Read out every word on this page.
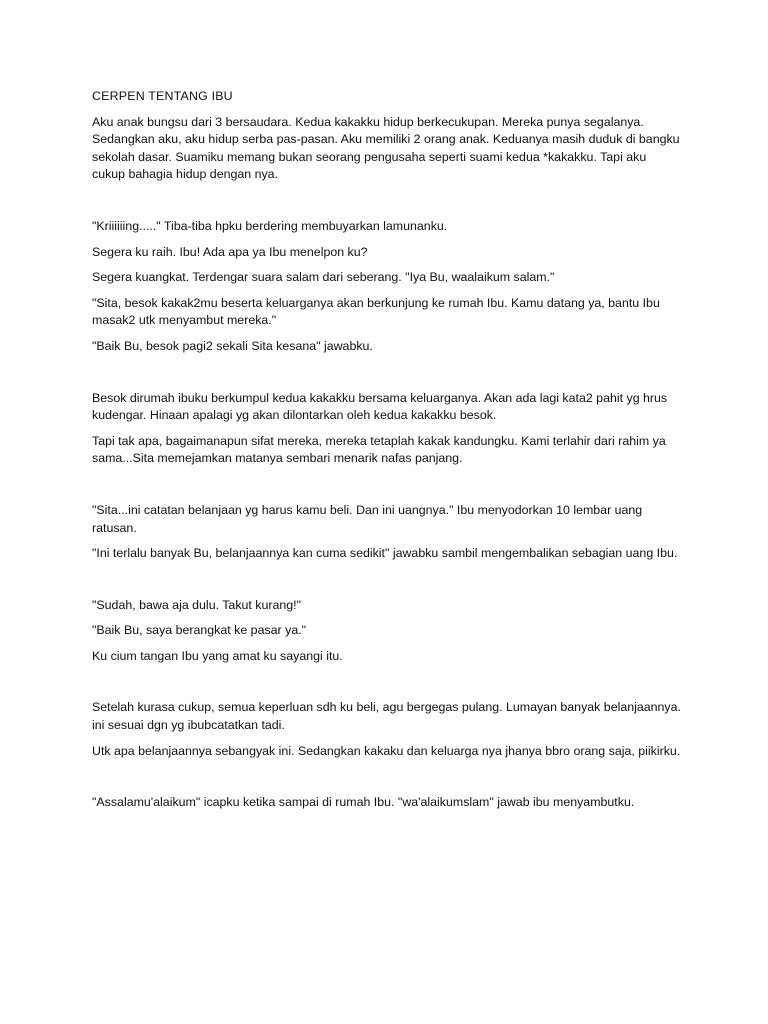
CERPEN TENTANG IBU

Aku anak bungsu dari 3 bersaudara. Kedua kakakku hidup berkecukupan. Mereka punya segalanya. Sedangkan aku, aku hidup serba pas-pasan. Aku memiliki 2 orang anak. Keduanya masih duduk di bangku sekolah dasar. Suamiku memang bukan seorang pengusaha seperti suami kedua *kakakku. Tapi aku cukup bahagia hidup dengan nya.

"Kriiiiiing....." Tiba-tiba hpku berdering membuyarkan lamunanku.

Segera ku raih. Ibu! Ada apa ya Ibu menelpon ku?

Segera kuangkat. Terdengar suara salam dari seberang. "Iya Bu, waalaikum salam."

"Sita, besok kakak2mu beserta keluarganya akan berkunjung ke rumah Ibu. Kamu datang ya, bantu Ibu masak2 utk menyambut mereka."

"Baik Bu, besok pagi2 sekali Sita kesana" jawabku.

Besok dirumah ibuku berkumpul kedua kakakku bersama keluarganya. Akan ada lagi kata2 pahit yg hrus kudengar. Hinaan apalagi yg akan dilontarkan oleh kedua kakakku besok.

Tapi tak apa, bagaimanapun sifat mereka, mereka tetaplah kakak kandungku. Kami terlahir dari rahim ya sama...Sita memejamkan matanya sembari menarik nafas panjang.

"Sita...ini catatan belanjaan yg harus kamu beli. Dan ini uangnya." Ibu menyodorkan 10 lembar uang ratusan.

"Ini terlalu banyak Bu, belanjaannya kan cuma sedikit" jawabku sambil mengembalikan sebagian uang Ibu.

"Sudah, bawa aja dulu. Takut kurang!"

"Baik Bu, saya berangkat ke pasar ya."

Ku cium tangan Ibu yang amat ku sayangi itu.

Setelah kurasa cukup, semua keperluan sdh ku beli, agu bergegas pulang. Lumayan banyak belanjaannya. ini sesuai dgn yg ibubcatatkan tadi.

Utk apa belanjaannya sebangyak ini. Sedangkan kakaku dan keluarga nya jhanya bbro orang saja, piikirku.

"Assalamu'alaikum" icapku ketika sampai di rumah Ibu. "wa'alaikumslam" jawab ibu menyambutku.
